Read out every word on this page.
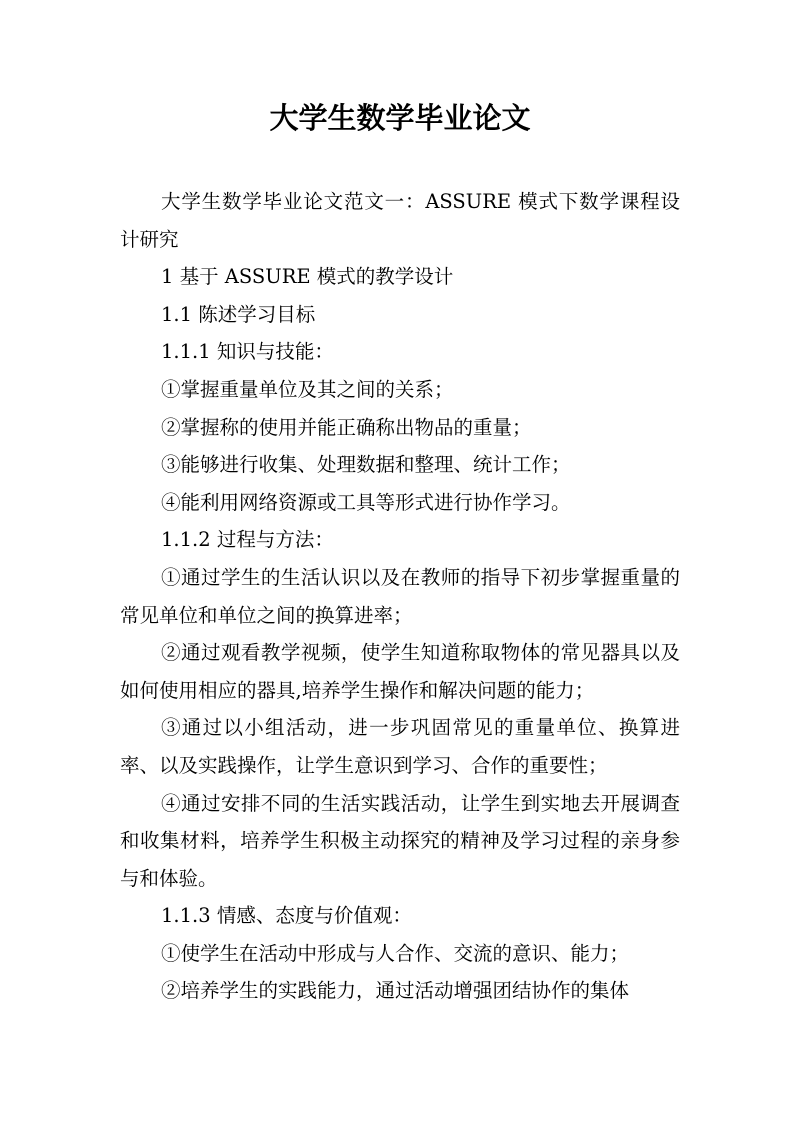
大学生数学毕业论文

大学生数学毕业论文范文一：ASSURE 模式下数学课程设计研究

1 基于 ASSURE 模式的教学设计

1.1 陈述学习目标

1.1.1 知识与技能：

①掌握重量单位及其之间的关系；

②掌握称的使用并能正确称出物品的重量；

③能够进行收集、处理数据和整理、统计工作；

④能利用网络资源或工具等形式进行协作学习。

1.1.2 过程与方法：

①通过学生的生活认识以及在教师的指导下初步掌握重量的常见单位和单位之间的换算进率；

②通过观看教学视频，使学生知道称取物体的常见器具以及如何使用相应的器具,培养学生操作和解决问题的能力；

③通过以小组活动，进一步巩固常见的重量单位、换算进率、以及实践操作，让学生意识到学习、合作的重要性；

④通过安排不同的生活实践活动，让学生到实地去开展调查和收集材料，培养学生积极主动探究的精神及学习过程的亲身参与和体验。

1.1.3 情感、态度与价值观：

①使学生在活动中形成与人合作、交流的意识、能力；

②培养学生的实践能力，通过活动增强团结协作的集体
